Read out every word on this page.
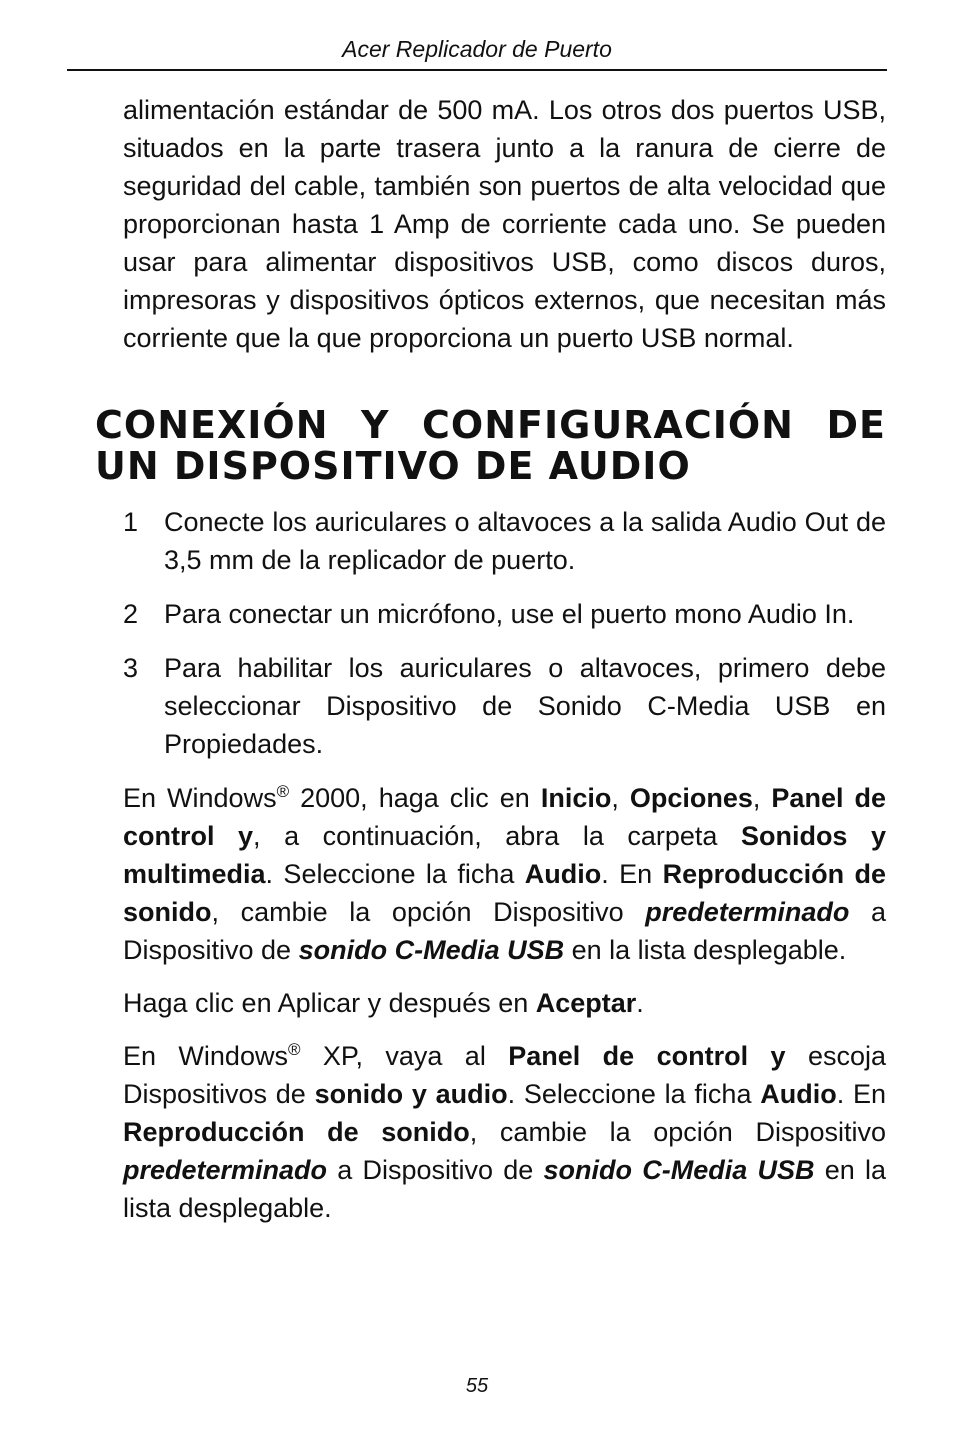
Acer Replicador de Puerto

alimentación estándar de 500 mA. Los otros dos puertos USB, situados en la parte trasera junto a la ranura de cierre de seguridad del cable, también son puertos de alta velocidad que proporcionan hasta 1 Amp de corriente cada uno. Se pueden usar para alimentar dispositivos USB, como discos duros, impresoras y dispositivos ópticos externos, que necesitan más corriente que la que proporciona un puerto USB normal.

CONEXIÓN Y CONFIGURACIÓN DE UN DISPOSITIVO DE AUDIO
1 Conecte los auriculares o altavoces a la salida Audio Out de 3,5 mm de la replicador de puerto.

2 Para conectar un micrófono, use el puerto mono Audio In.

3 Para habilitar los auriculares o altavoces, primero debe seleccionar Dispositivo de Sonido C-Media USB en Propiedades.

En Windows® 2000, haga clic en Inicio, Opciones, Panel de control y, a continuación, abra la carpeta Sonidos y multimedia. Seleccione la ficha Audio. En Reproducción de sonido, cambie la opción Dispositivo predeterminado a Dispositivo de sonido C-Media USB en la lista desplegable.

Haga clic en Aplicar y después en Aceptar.

En Windows® XP, vaya al Panel de control y escoja Dispositivos de sonido y audio. Seleccione la ficha Audio. En Reproducción de sonido, cambie la opción Dispositivo predeterminado a Dispositivo de sonido C-Media USB en la lista desplegable.

55
